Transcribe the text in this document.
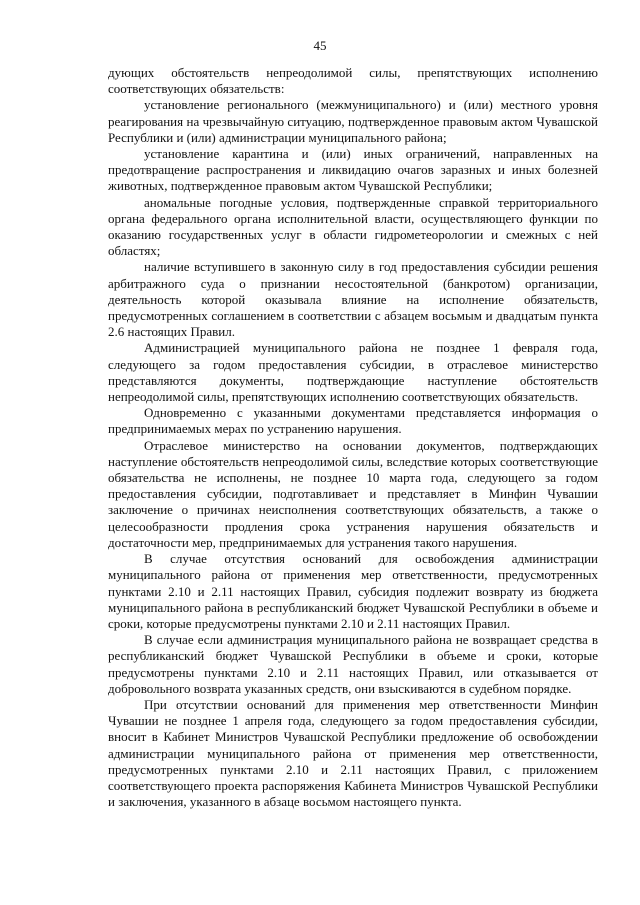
45

дующих обстоятельств непреодолимой силы, препятствующих исполнению соответствующих обязательств:

установление регионального (межмуниципального) и (или) местного уровня реагирования на чрезвычайную ситуацию, подтвержденное правовым актом Чувашской Республики и (или) администрации муниципального района;

установление карантина и (или) иных ограничений, направленных на предотвращение распространения и ликвидацию очагов заразных и иных болезней животных, подтвержденное правовым актом Чувашской Республики;

аномальные погодные условия, подтвержденные справкой территориального органа федерального органа исполнительной власти, осуществляющего функции по оказанию государственных услуг в области гидрометеорологии и смежных с ней областях;

наличие вступившего в законную силу в год предоставления субсидии решения арбитражного суда о признании несостоятельной (банкротом) организации, деятельность которой оказывала влияние на исполнение обязательств, предусмотренных соглашением в соответствии с абзацем восьмым и двадцатым пункта 2.6 настоящих Правил.

Администрацией муниципального района не позднее 1 февраля года, следующего за годом предоставления субсидии, в отраслевое министерство представляются документы, подтверждающие наступление обстоятельств непреодолимой силы, препятствующих исполнению соответствующих обязательств.

Одновременно с указанными документами представляется информация о предпринимаемых мерах по устранению нарушения.

Отраслевое министерство на основании документов, подтверждающих наступление обстоятельств непреодолимой силы, вследствие которых соответствующие обязательства не исполнены, не позднее 10 марта года, следующего за годом предоставления субсидии, подготавливает и представляет в Минфин Чувашии заключение о причинах неисполнения соответствующих обязательств, а также о целесообразности продления срока устранения нарушения обязательств и достаточности мер, предпринимаемых для устранения такого нарушения.

В случае отсутствия оснований для освобождения администрации муниципального района от применения мер ответственности, предусмотренных пунктами 2.10 и 2.11 настоящих Правил, субсидия подлежит возврату из бюджета муниципального района в республиканский бюджет Чувашской Республики в объеме и сроки, которые предусмотрены пунктами 2.10 и 2.11 настоящих Правил.

В случае если администрация муниципального района не возвращает средства в республиканский бюджет Чувашской Республики в объеме и сроки, которые предусмотрены пунктами 2.10 и 2.11 настоящих Правил, или отказывается от добровольного возврата указанных средств, они взыскиваются в судебном порядке.

При отсутствии оснований для применения мер ответственности Минфин Чувашии не позднее 1 апреля года, следующего за годом предоставления субсидии, вносит в Кабинет Министров Чувашской Республики предложение об освобождении администрации муниципального района от применения мер ответственности, предусмотренных пунктами 2.10 и 2.11 настоящих Правил, с приложением соответствующего проекта распоряжения Кабинета Министров Чувашской Республики и заключения, указанного в абзаце восьмом настоящего пункта.
